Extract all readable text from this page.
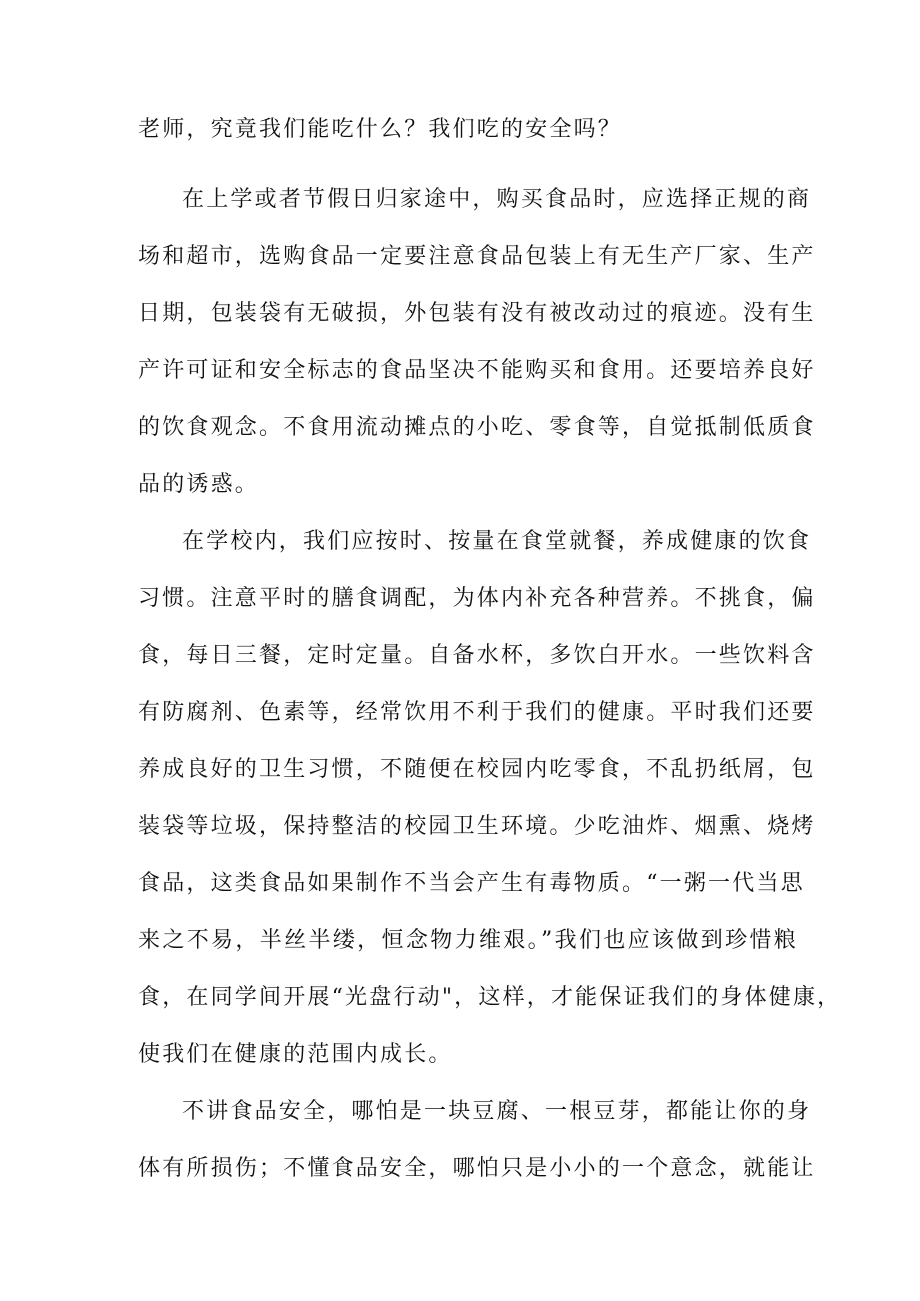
老师，究竟我们能吃什么？我们吃的安全吗？

在上学或者节假日归家途中，购买食品时，应选择正规的商
场和超市，选购食品一定要注意食品包装上有无生产厂家、生产
日期，包装袋有无破损，外包装有没有被改动过的痕迹。没有生
产许可证和安全标志的食品坚决不能购买和食用。还要培养良好
的饮食观念。不食用流动摊点的小吃、零食等，自觉抵制低质食
品的诱惑。

在学校内，我们应按时、按量在食堂就餐，养成健康的饮食
习惯。注意平时的膳食调配，为体内补充各种营养。不挑食，偏
食，每日三餐，定时定量。自备水杯，多饮白开水。一些饮料含
有防腐剂、色素等，经常饮用不利于我们的健康。平时我们还要
养成良好的卫生习惯，不随便在校园内吃零食，不乱扔纸屑，包
装袋等垃圾，保持整洁的校园卫生环境。少吃油炸、烟熏、烧烤
食品，这类食品如果制作不当会产生有毒物质。“一粥一代当思
来之不易，半丝半缕，恒念物力维艰。”我们也应该做到珍惜粮
食，在同学间开展“光盘行动"，这样，才能保证我们的身体健康，
使我们在健康的范围内成长。

不讲食品安全，哪怕是一块豆腐、一根豆芽，都能让你的身
体有所损伤；不懂食品安全，哪怕只是小小的一个意念，就能让
